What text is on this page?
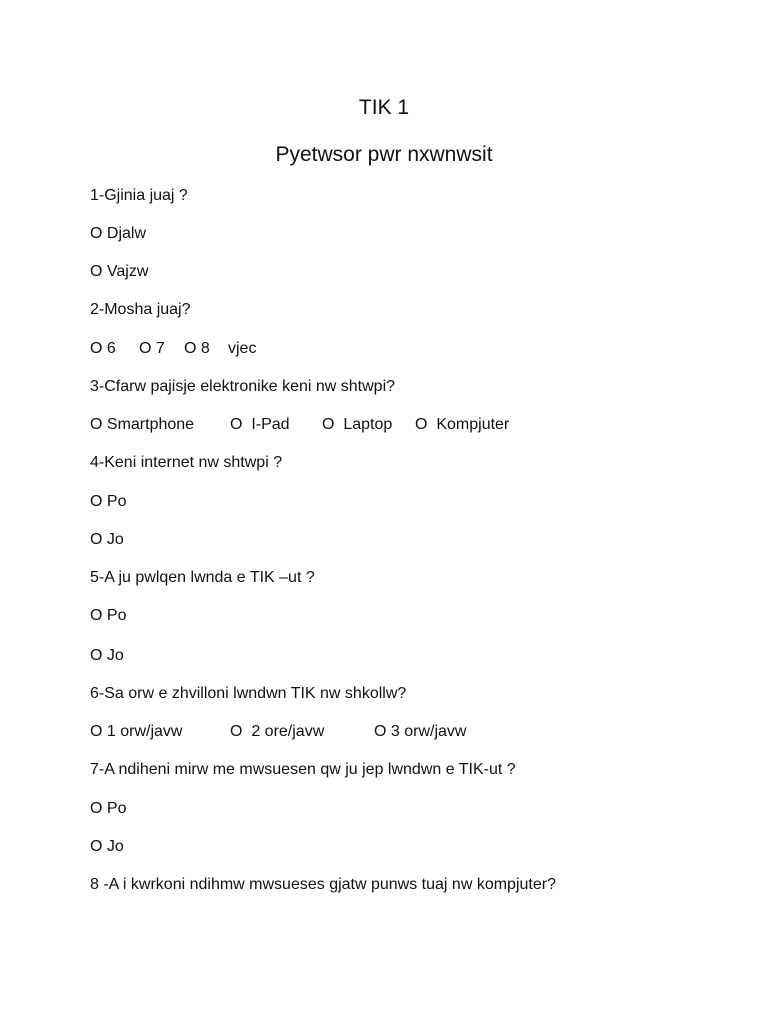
TIK 1
Pyetwsor pwr nxwnwsit
1-Gjinia juaj ?
O Djalw
O Vajzw
2-Mosha juaj?
O 6 O 7 O 8 vjec
3-Cfarw pajisje elektronike keni nw shtwpi?
O Smartphone O  I-Pad O  Laptop O  Kompjuter
4-Keni internet nw shtwpi ?
O Po
O Jo
5-A ju pwlqen lwnda e TIK –ut ?
O Po
O Jo
6-Sa orw e zhvilloni lwndwn TIK nw shkollw?
O 1 orw/javw	O  2 ore/javw	O 3 orw/javw
7-A ndiheni mirw me mwsuesen qw ju jep lwndwn e TIK-ut ?
O Po
O Jo
8 -A i kwrkoni ndihmw mwsueses gjatw punws tuaj nw kompjuter?
